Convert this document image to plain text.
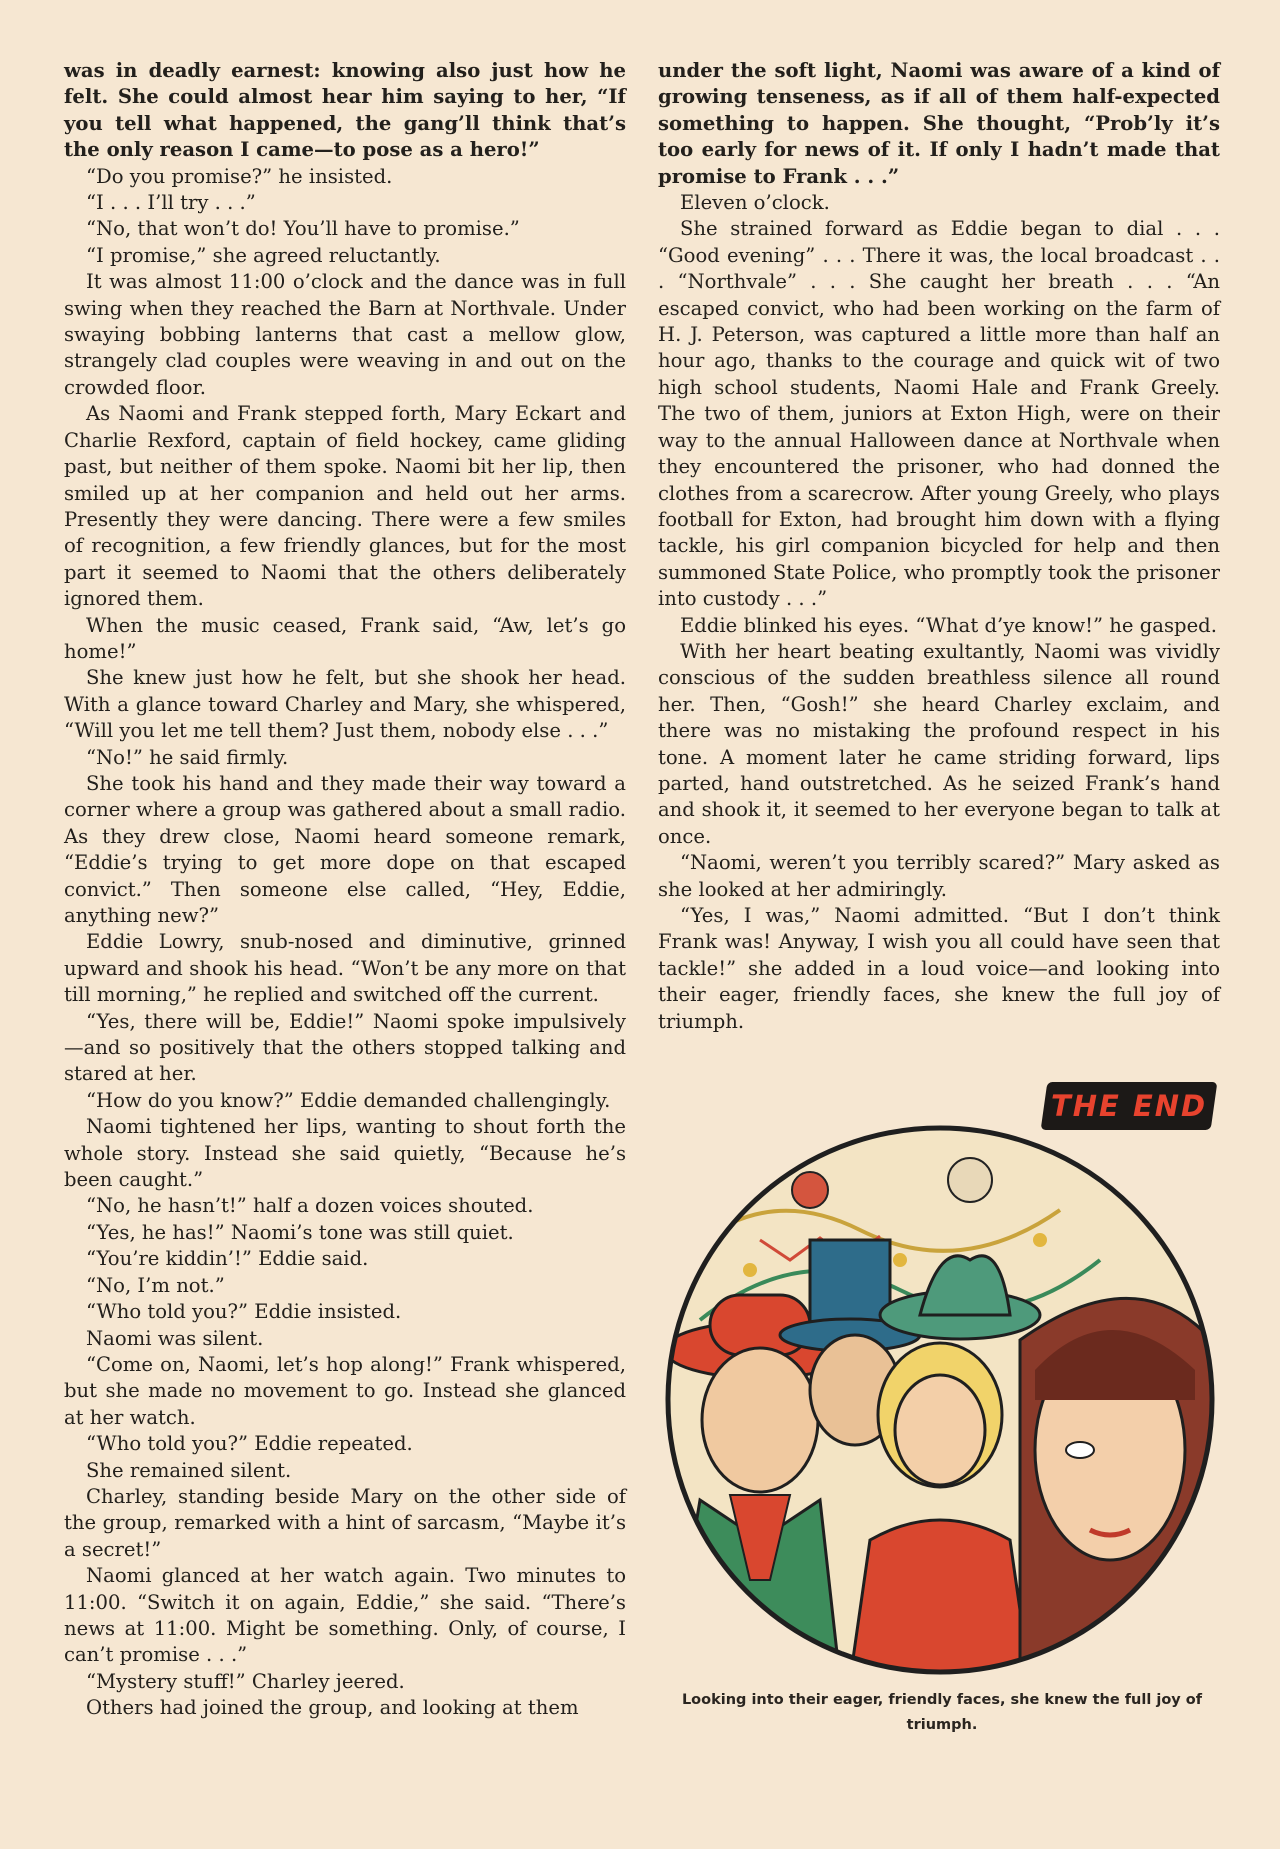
was in deadly earnest: knowing also just how he felt. She could almost hear him saying to her, “If you tell what happened, the gang’ll think that’s the only reason I came—to pose as a hero!”

“Do you promise?” he insisted.

“I . . . I’ll try . . .”

“No, that won’t do! You’ll have to promise.”

“I promise,” she agreed reluctantly.

It was almost 11:00 o’clock and the dance was in full swing when they reached the Barn at Northvale. Under swaying bobbing lanterns that cast a mellow glow, strangely clad couples were weaving in and out on the crowded floor.

As Naomi and Frank stepped forth, Mary Eckart and Charlie Rexford, captain of field hockey, came gliding past, but neither of them spoke. Naomi bit her lip, then smiled up at her companion and held out her arms. Presently they were dancing. There were a few smiles of recognition, a few friendly glances, but for the most part it seemed to Naomi that the others deliberately ignored them.

When the music ceased, Frank said, “Aw, let’s go home!”

She knew just how he felt, but she shook her head. With a glance toward Charley and Mary, she whispered, “Will you let me tell them? Just them, nobody else . . .”

“No!” he said firmly.

She took his hand and they made their way toward a corner where a group was gathered about a small radio. As they drew close, Naomi heard someone remark, “Eddie’s trying to get more dope on that escaped convict.” Then someone else called, “Hey, Eddie, anything new?”

Eddie Lowry, snub-nosed and diminutive, grinned upward and shook his head. “Won’t be any more on that till morning,” he replied and switched off the current.

“Yes, there will be, Eddie!” Naomi spoke impulsively—and so positively that the others stopped talking and stared at her.

“How do you know?” Eddie demanded challengingly.

Naomi tightened her lips, wanting to shout forth the whole story. Instead she said quietly, “Because he’s been caught.”

“No, he hasn’t!” half a dozen voices shouted.

“Yes, he has!” Naomi’s tone was still quiet.

“You’re kiddin’!” Eddie said.

“No, I’m not.”

“Who told you?” Eddie insisted.

Naomi was silent.

“Come on, Naomi, let’s hop along!” Frank whispered, but she made no movement to go. Instead she glanced at her watch.

“Who told you?” Eddie repeated.

She remained silent.

Charley, standing beside Mary on the other side of the group, remarked with a hint of sarcasm, “Maybe it’s a secret!”

Naomi glanced at her watch again. Two minutes to 11:00. “Switch it on again, Eddie,” she said. “There’s news at 11:00. Might be something. Only, of course, I can’t promise . . .”

“Mystery stuff!” Charley jeered.

Others had joined the group, and looking at them

under the soft light, Naomi was aware of a kind of growing tenseness, as if all of them half-expected something to happen. She thought, “Prob’ly it’s too early for news of it. If only I hadn’t made that promise to Frank . . .”

Eleven o’clock.

She strained forward as Eddie began to dial . . . “Good evening” . . . There it was, the local broadcast . . . “Northvale” . . . She caught her breath . . . “An escaped convict, who had been working on the farm of H. J. Peterson, was captured a little more than half an hour ago, thanks to the courage and quick wit of two high school students, Naomi Hale and Frank Greely. The two of them, juniors at Exton High, were on their way to the annual Halloween dance at Northvale when they encountered the prisoner, who had donned the clothes from a scarecrow. After young Greely, who plays football for Exton, had brought him down with a flying tackle, his girl companion bicycled for help and then summoned State Police, who promptly took the prisoner into custody . . .”

Eddie blinked his eyes. “What d’ye know!” he gasped.

With her heart beating exultantly, Naomi was vividly conscious of the sudden breathless silence all round her. Then, “Gosh!” she heard Charley exclaim, and there was no mistaking the profound respect in his tone. A moment later he came striding forward, lips parted, hand outstretched. As he seized Frank’s hand and shook it, it seemed to her everyone began to talk at once.

“Naomi, weren’t you terribly scared?” Mary asked as she looked at her admiringly.

“Yes, I was,” Naomi admitted. “But I don’t think Frank was! Anyway, I wish you all could have seen that tackle!” she added in a loud voice—and looking into their eager, friendly faces, she knew the full joy of triumph.

THE END
Looking into their eager, friendly faces, she knew the full joy of triumph.
